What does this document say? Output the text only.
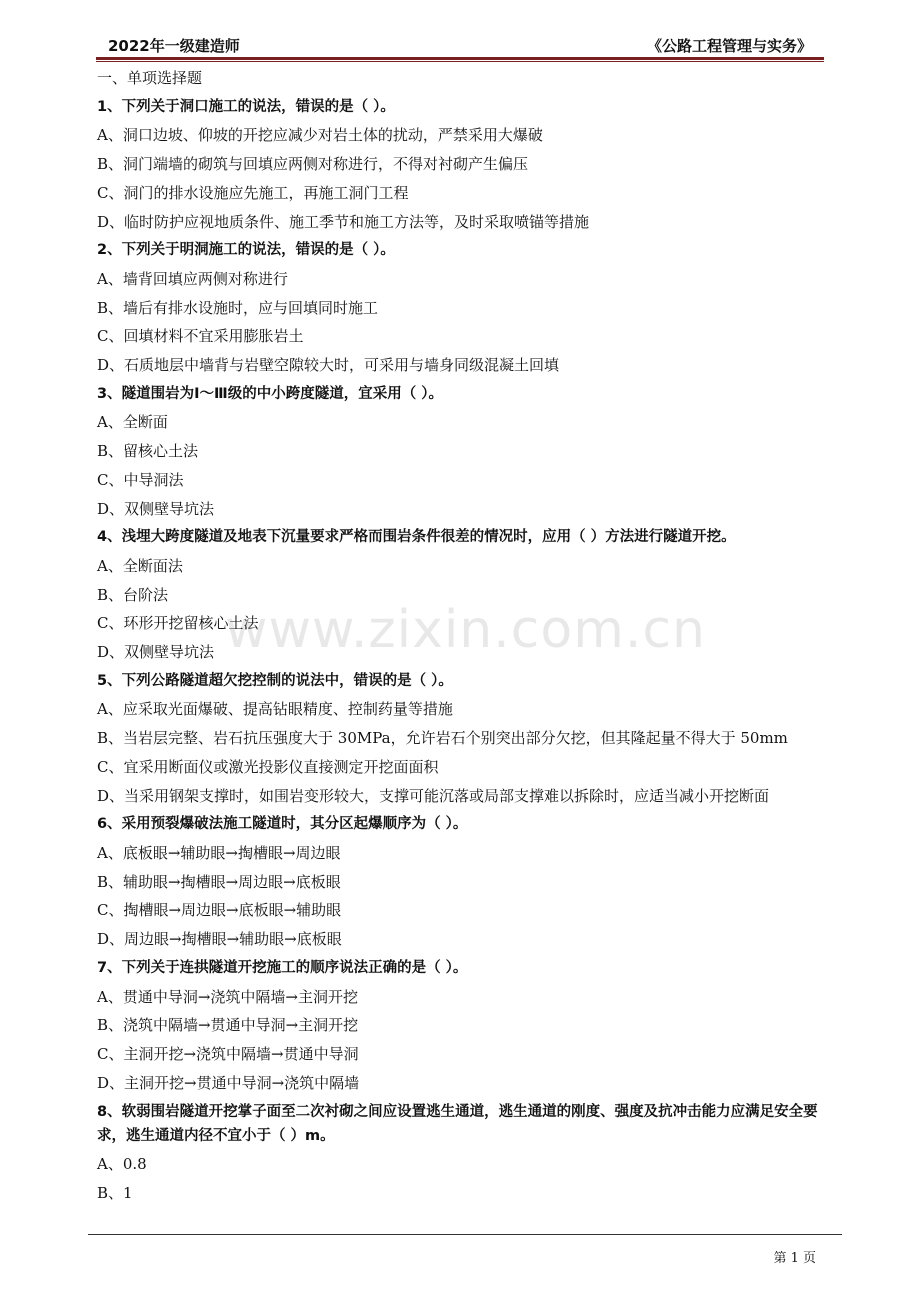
2022年一级建造师	《公路工程管理与实务》
一、单项选择题
1、下列关于洞口施工的说法，错误的是（ ）。
A、洞口边坡、仰坡的开挖应减少对岩土体的扰动，严禁采用大爆破
B、洞门端墙的砌筑与回填应两侧对称进行，不得对衬砌产生偏压
C、洞门的排水设施应先施工，再施工洞门工程
D、临时防护应视地质条件、施工季节和施工方法等，及时采取喷锚等措施
2、下列关于明洞施工的说法，错误的是（ ）。
A、墙背回填应两侧对称进行
B、墙后有排水设施时，应与回填同时施工
C、回填材料不宜采用膨胀岩土
D、石质地层中墙背与岩壁空隙较大时，可采用与墙身同级混凝土回填
3、隧道围岩为Ⅰ～Ⅲ级的中小跨度隧道，宜采用（ ）。
A、全断面
B、留核心土法
C、中导洞法
D、双侧壁导坑法
4、浅埋大跨度隧道及地表下沉量要求严格而围岩条件很差的情况时，应用（ ）方法进行隧道开挖。
A、全断面法
B、台阶法
C、环形开挖留核心土法
D、双侧壁导坑法
5、下列公路隧道超欠挖控制的说法中，错误的是（ ）。
A、应采取光面爆破、提高钻眼精度、控制药量等措施
B、当岩层完整、岩石抗压强度大于 30MPa，允许岩石个别突出部分欠挖，但其隆起量不得大于 50mm
C、宜采用断面仪或激光投影仪直接测定开挖面面积
D、当采用钢架支撑时，如围岩变形较大，支撑可能沉落或局部支撑难以拆除时，应适当减小开挖断面
6、采用预裂爆破法施工隧道时，其分区起爆顺序为（ ）。
A、底板眼→辅助眼→掏槽眼→周边眼
B、辅助眼→掏槽眼→周边眼→底板眼
C、掏槽眼→周边眼→底板眼→辅助眼
D、周边眼→掏槽眼→辅助眼→底板眼
7、下列关于连拱隧道开挖施工的顺序说法正确的是（ ）。
A、贯通中导洞→浇筑中隔墙→主洞开挖
B、浇筑中隔墙→贯通中导洞→主洞开挖
C、主洞开挖→浇筑中隔墙→贯通中导洞
D、主洞开挖→贯通中导洞→浇筑中隔墙
8、软弱围岩隧道开挖掌子面至二次衬砌之间应设置逃生通道，逃生通道的刚度、强度及抗冲击能力应满足安全要求，逃生通道内径不宜小于（ ）m。
A、0.8
B、1
www.zixin.com.cn
第 1 页
